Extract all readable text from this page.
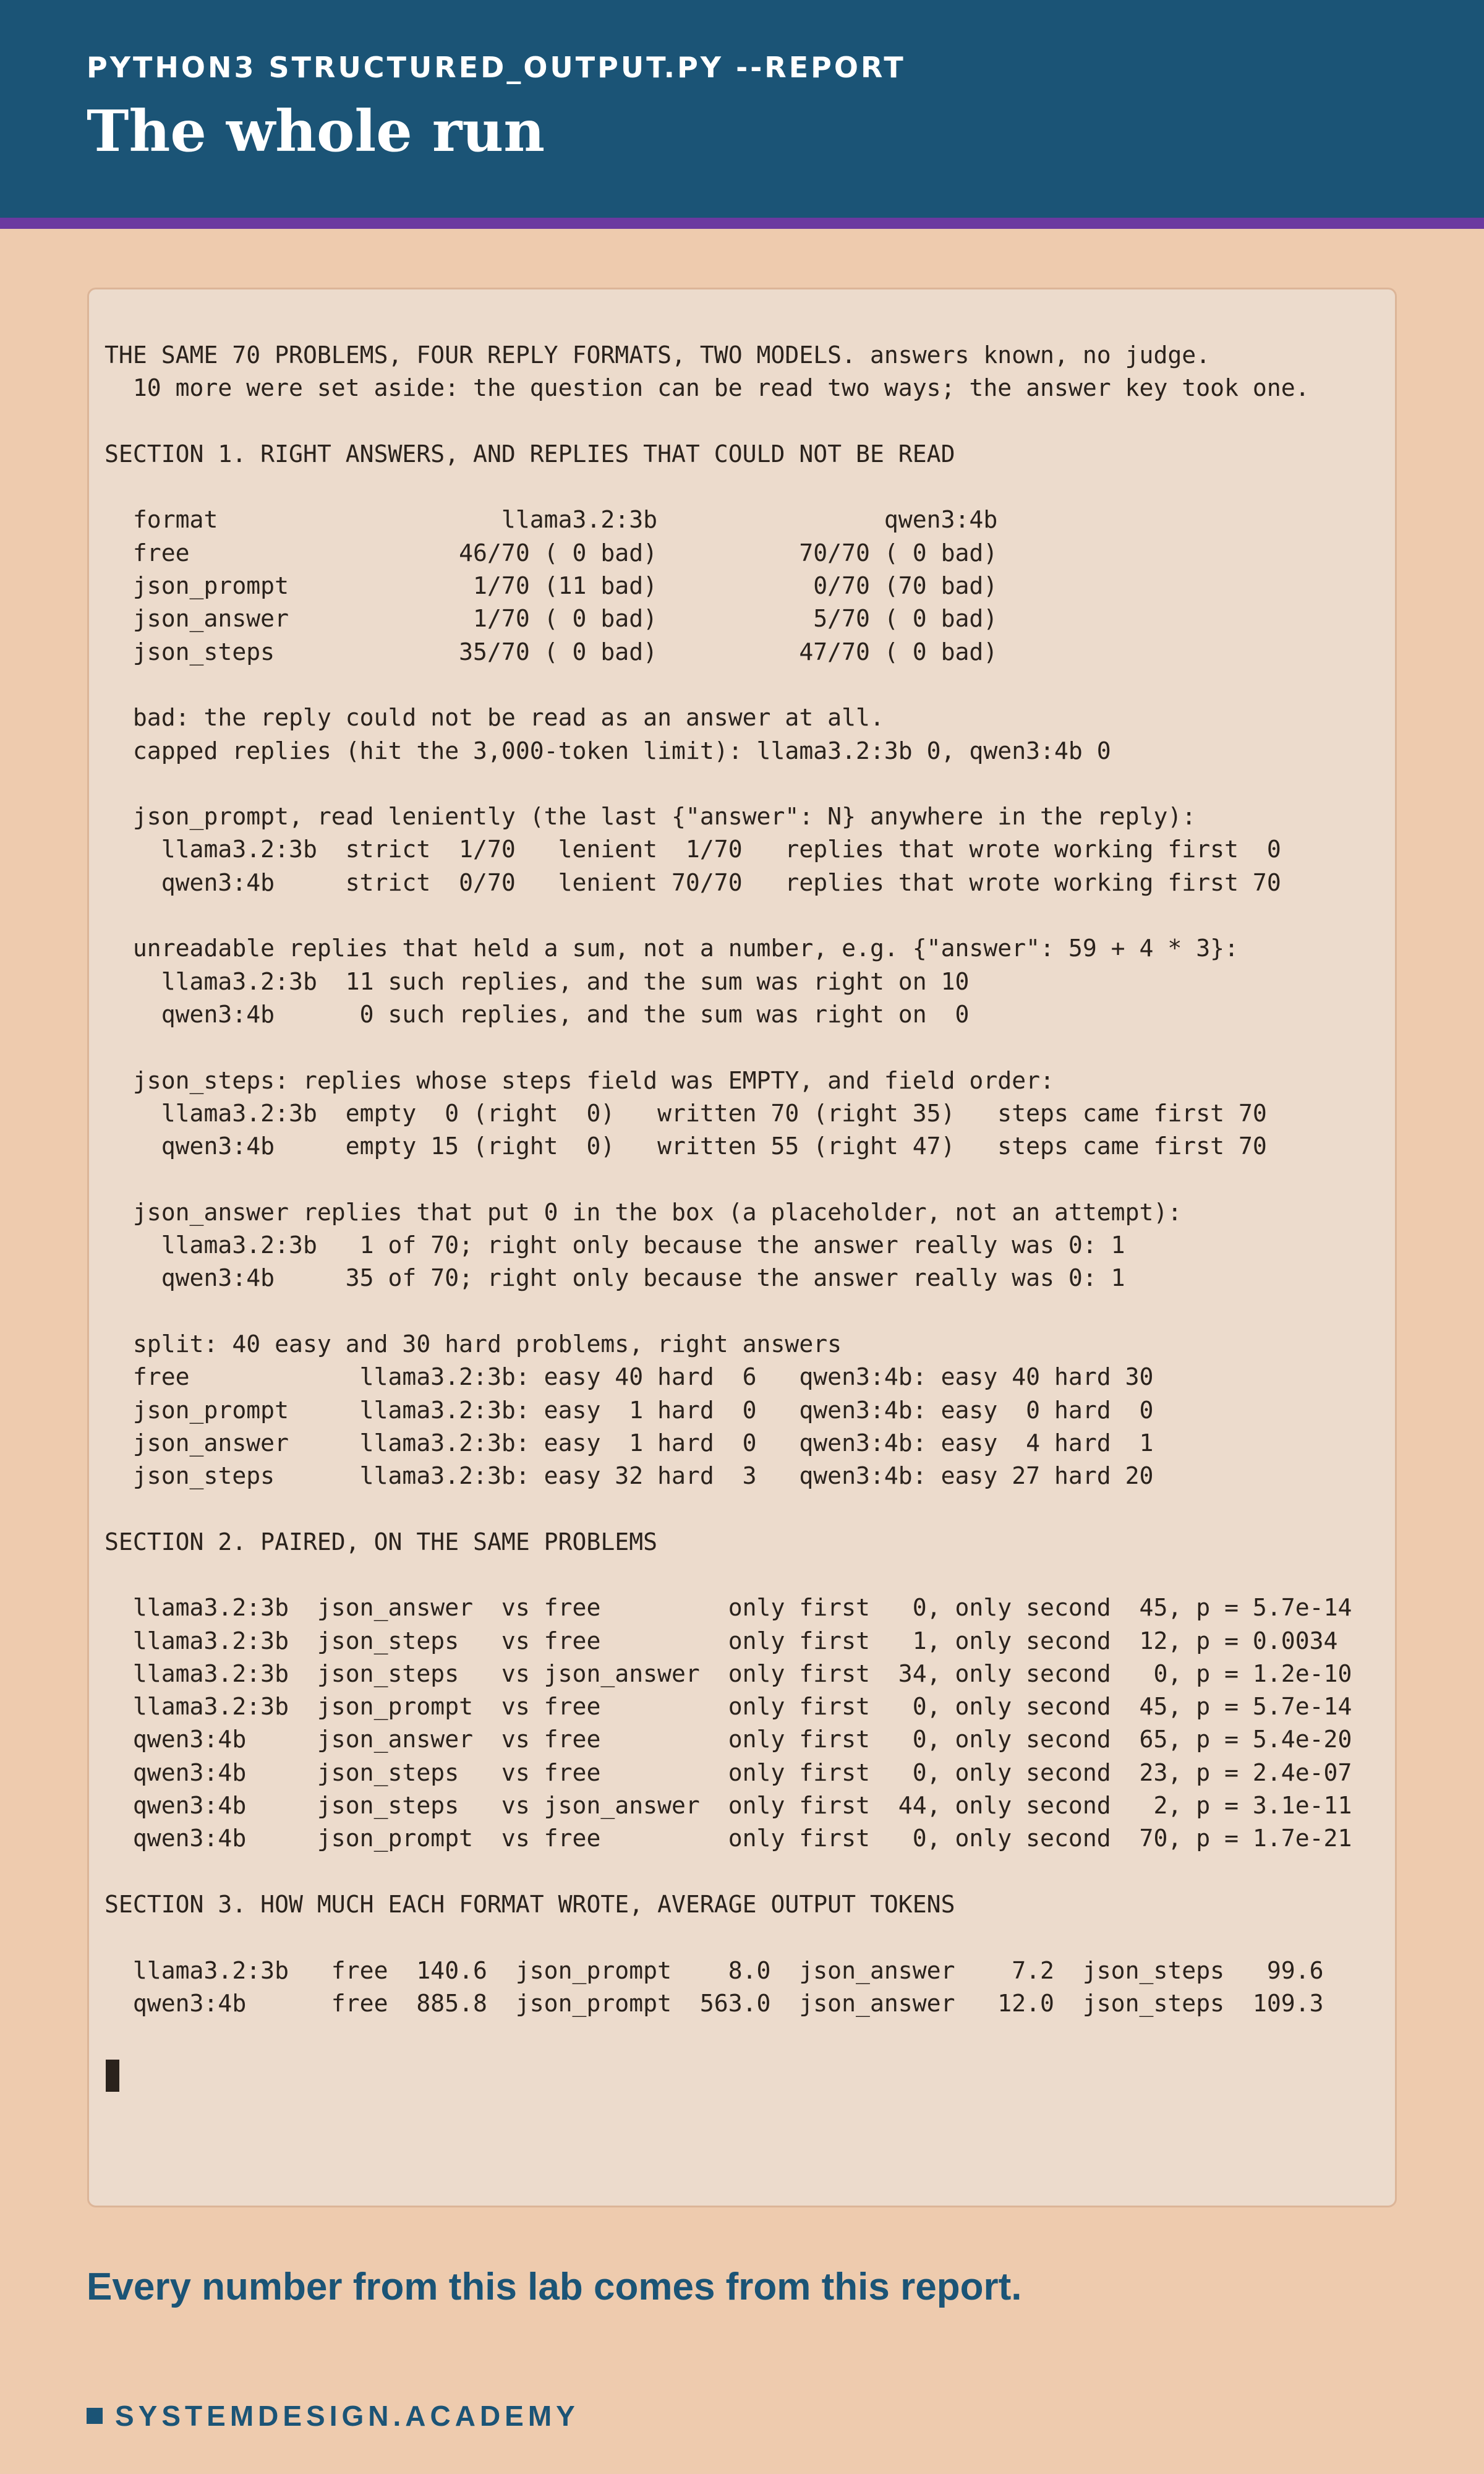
PYTHON3 STRUCTURED_OUTPUT.PY --REPORT
The whole run
THE SAME 70 PROBLEMS, FOUR REPLY FORMATS, TWO MODELS. answers known, no judge.
10 more were set aside: the question can be read two ways; the answer key took one.
SECTION 1. RIGHT ANSWERS, AND REPLIES THAT COULD NOT BE READ
format                    llama3.2:3b                qwen3:4b
free                   46/70 ( 0 bad)          70/70 ( 0 bad)
json_prompt             1/70 (11 bad)           0/70 (70 bad)
json_answer             1/70 ( 0 bad)           5/70 ( 0 bad)
json_steps             35/70 ( 0 bad)          47/70 ( 0 bad)
bad: the reply could not be read as an answer at all.
capped replies (hit the 3,000-token limit): llama3.2:3b 0, qwen3:4b 0
json_prompt, read leniently (the last {"answer": N} anywhere in the reply):
llama3.2:3b  strict  1/70   lenient  1/70   replies that wrote working first  0
qwen3:4b     strict  0/70   lenient 70/70   replies that wrote working first 70
unreadable replies that held a sum, not a number, e.g. {"answer": 59 + 4 * 3}:
llama3.2:3b  11 such replies, and the sum was right on 10
qwen3:4b      0 such replies, and the sum was right on  0
json_steps: replies whose steps field was EMPTY, and field order:
llama3.2:3b  empty  0 (right  0)   written 70 (right 35)   steps came first 70
qwen3:4b     empty 15 (right  0)   written 55 (right 47)   steps came first 70
json_answer replies that put 0 in the box (a placeholder, not an attempt):
llama3.2:3b   1 of 70; right only because the answer really was 0: 1
qwen3:4b     35 of 70; right only because the answer really was 0: 1
split: 40 easy and 30 hard problems, right answers
free            llama3.2:3b: easy 40 hard  6   qwen3:4b: easy 40 hard 30
json_prompt     llama3.2:3b: easy  1 hard  0   qwen3:4b: easy  0 hard  0
json_answer     llama3.2:3b: easy  1 hard  0   qwen3:4b: easy  4 hard  1
json_steps      llama3.2:3b: easy 32 hard  3   qwen3:4b: easy 27 hard 20
SECTION 2. PAIRED, ON THE SAME PROBLEMS
llama3.2:3b  json_answer  vs free         only first   0, only second  45, p = 5.7e-14
llama3.2:3b  json_steps   vs free         only first   1, only second  12, p = 0.0034
llama3.2:3b  json_steps   vs json_answer  only first  34, only second   0, p = 1.2e-10
llama3.2:3b  json_prompt  vs free         only first   0, only second  45, p = 5.7e-14
qwen3:4b     json_answer  vs free         only first   0, only second  65, p = 5.4e-20
qwen3:4b     json_steps   vs free         only first   0, only second  23, p = 2.4e-07
qwen3:4b     json_steps   vs json_answer  only first  44, only second   2, p = 3.1e-11
qwen3:4b     json_prompt  vs free         only first   0, only second  70, p = 1.7e-21
SECTION 3. HOW MUCH EACH FORMAT WROTE, AVERAGE OUTPUT TOKENS
llama3.2:3b   free  140.6  json_prompt    8.0  json_answer    7.2  json_steps   99.6
qwen3:4b      free  885.8  json_prompt  563.0  json_answer   12.0  json_steps  109.3
Every number from this lab comes from this report.
SYSTEMDESIGN.ACADEMY
